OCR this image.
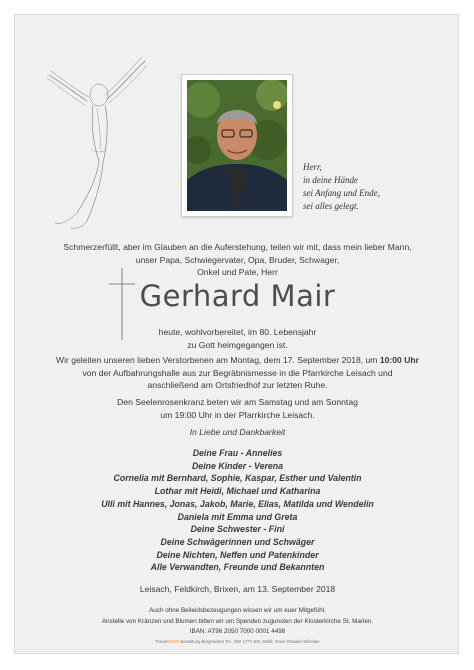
Herr,
in deine Hände
sei Anfang und Ende,
sei alles gelegt.
Schmerzerfüllt, aber im Glauben an die Auferstehung, teilen wir mit, dass mein lieber Mann,
unser Papa, Schwiegervater, Opa, Bruder, Schwager,
Onkel und Pate, Herr
Gerhard Mair
heute, wohlvorbereitet, im 80. Lebensjahr
zu Gott heimgegangen ist.
Wir geleiten unseren lieben Verstorbenen am Montag, dem 17. September 2018, um 10:00 Uhr
von der Aufbahrungshalle aus zur Begräbnismesse in die Pfarrkirche Leisach und
anschließend am Ortsfriedhof zur letzten Ruhe.
Den Seelenrosenkranz beten wir am Samstag und am Sonntag
um 19:00 Uhr in der Pfarrkirche Leisach.
In Liebe und Dankbarkeit
Deine Frau - Annelies
Deine Kinder - Verena
Cornelia mit Bernhard, Sophie, Kaspar, Esther und Valentin
Lothar mit Heidi, Michael und Katharina
Ulli mit Hannes, Jonas, Jakob, Marie, Elias, Matilda und Wendelin
Daniela mit Emma und Greta
Deine Schwester - Fini
Deine Schwägerinnen und Schwäger
Deine Nichten, Neffen und Patenkinder
Alle Verwandten, Freunde und Bekannten
Leisach, Feldkirch, Brixen, am 13. September 2018
Auch ohne Beileidsbezeugungen wissen wir um euer Mitgefühl.
Anstelle von Kränzen und Blumen bitten wir um Spenden zugunsten der Klosterkirche St. Marien.
IBAN: AT96 2050 7000 0001 4498
TrauerHILFE Bestattung Bergmeister Tel.: 050 1777-100, Mobil: Vroun Oswald Hollreider
